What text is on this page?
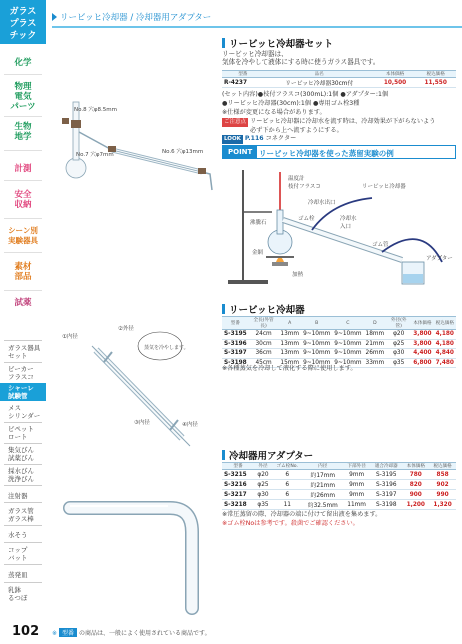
リービッヒ冷却器 / 冷却器用アダプター
ガラス
プラス
チック
化学
物理
電気
パーツ
生物
地学
計測
安全
収納
シーン別
実験器具
素材
部品
試薬
ガラス器具
セット
ビーカー
フラスコ
シャーレ
試験管
メス
シリンダー
ピペット
ロート
集気びん
試薬びん
採水びん
洗浄びん
注射器
ガラス管
ガラス棒
水そう
コップ
バット
蒸発皿
乳鉢
るつぼ
No.8 穴φ8.5mm
No.7 穴φ7mm	No.6 穴φ13mm
リービッヒ冷却器セット
リービッヒ冷却器は、
気体を冷やして液体にする時に使うガラス器具です。
型番	品名	本体価格	税込価格
R-4237	リービッヒ冷却器30cm付	10,500	11,550
(セット内容)●枝付フラスコ(300mL):1個 ●アダプター:1個
●リービッヒ冷却器(30cm):1個 ●専用ゴム栓3種
※仕様が変更になる場合があります。
ご注意点 リービッヒ冷却器に冷却水を流す時は、冷却効果が下がらないよう
必ず下から上へ流すようにする。
LOOK P.116 コネクター
POINT リービッヒ冷却器を使った蒸留実験の例
温度計
枝付フラスコ
冷却水出口
リービッヒ冷却器
沸騰石
ゴム栓	冷却水
入口
金網
アダプター
加熱
ゴム管
リービッヒ冷却器
型番	全長(外管長)	A	B	C	D	外径(外管)	本体価格	税込価格
S-3195	24cm	13mm	9~10mm	9~10mm	18mm	φ20	3,800	4,180
S-3196	30cm	13mm	9~10mm	9~10mm	21mm	φ25	3,800	4,180
S-3197	36cm	13mm	9~10mm	9~10mm	26mm	φ30	4,400	4,840
S-3198	45cm	15mm	9~10mm	9~10mm	33mm	φ35	6,800	7,480
※各種蒸気を冷却して液化する際に使用します。
②外径
①内径
蒸気を冷やします。
③内径	④内径
冷却器用アダプター
型番	外径	ゴム栓No.	内径	下部外径	適合冷却器	本体価格	税込価格
S-3215	φ20	6	約17mm	9mm	S-3195	780	858
S-3216	φ25	6	約21mm	9mm	S-3196	820	902
S-3217	φ30	6	約26mm	9mm	S-3197	900	990
S-3218	φ35	11	約32.5mm	11mm	S-3198	1,200	1,320
※常圧蒸留の際、冷却器の端に付けて留出液を集めます。
※ゴム栓Noは参考です。殺菌でご確認ください。
102 ※ 型番 の商品は、一般によく使用されている商品です。
